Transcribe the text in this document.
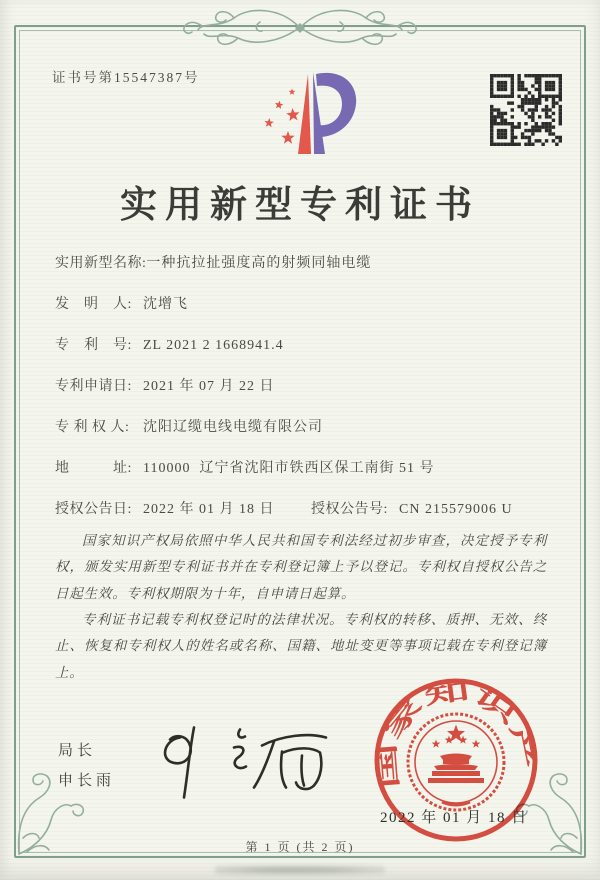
证书号第15547387号
实用新型专利证书
实用新型名称: 一种抗拉扯强度高的射频同轴电缆
发　明　人: 沈增飞
专　利　号: ZL 2021 2 1668941.4
专利申请日: 2021 年 07 月 22 日
专 利 权 人: 沈阳辽缆电线电缆有限公司
地　　　址: 110000  辽宁省沈阳市铁西区保工南街 51 号
授权公告日: 2022 年 01 月 18 日	授权公告号: CN 215579006 U

国家知识产权局依照中华人民共和国专利法经过初步审查，决定授予专利权，颁发实用新型专利证书并在专利登记簿上予以登记。专利权自授权公告之日起生效。专利权期限为十年，自申请日起算。

专利证书记载专利权登记时的法律状况。专利权的转移、质押、无效、终止、恢复和专利权人的姓名或名称、国籍、地址变更等事项记载在专利登记簿上。

局长
申长雨	国家知识产权局
2022 年 01 月 18 日
第 1 页 (共 2 页)
